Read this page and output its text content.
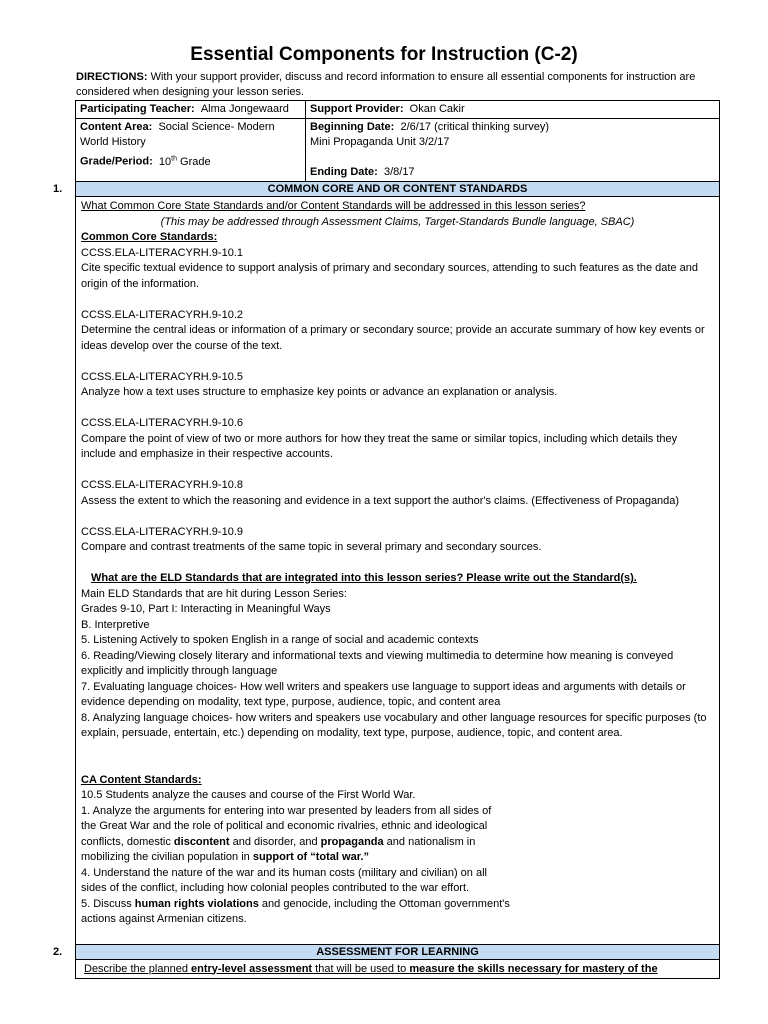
Essential Components for Instruction (C-2)
DIRECTIONS: With your support provider, discuss and record information to ensure all essential components for instruction are considered when designing your lesson series.
Participating Teacher: Alma Jongewaard	Support Provider: Okan Cakir
Content Area: Social Science- Modern
World History
Grade/Period: 10th Grade
Beginning Date: 2/6/17 (critical thinking survey)
Mini Propaganda Unit 3/2/17
Ending Date: 3/8/17
1.	COMMON CORE AND OR CONTENT STANDARDS

What Common Core State Standards and/or Content Standards will be addressed in this lesson series?

(This may be addressed through Assessment Claims, Target-Standards Bundle language, SBAC)

Common Core Standards:

CCSS.ELA-LITERACYRH.9-10.1

Cite specific textual evidence to support analysis of primary and secondary sources, attending to such features as the date and origin of the information.

CCSS.ELA-LITERACYRH.9-10.2

Determine the central ideas or information of a primary or secondary source; provide an accurate summary of how key events or ideas develop over the course of the text.

CCSS.ELA-LITERACYRH.9-10.5

Analyze how a text uses structure to emphasize key points or advance an explanation or analysis.

CCSS.ELA-LITERACYRH.9-10.6

Compare the point of view of two or more authors for how they treat the same or similar topics, including which details they include and emphasize in their respective accounts.

CCSS.ELA-LITERACYRH.9-10.8

Assess the extent to which the reasoning and evidence in a text support the author's claims. (Effectiveness of Propaganda)

CCSS.ELA-LITERACYRH.9-10.9

Compare and contrast treatments of the same topic in several primary and secondary sources.

What are the ELD Standards that are integrated into this lesson series? Please write out the Standard(s).

Main ELD Standards that are hit during Lesson Series:

Grades 9-10, Part I: Interacting in Meaningful Ways

B. Interpretive

5. Listening Actively to spoken English in a range of social and academic contexts

6. Reading/Viewing closely literary and informational texts and viewing multimedia to determine how meaning is conveyed explicitly and implicitly through language

7. Evaluating language choices- How well writers and speakers use language to support ideas and arguments with details or evidence depending on modality, text type, purpose, audience, topic, and content area

8. Analyzing language choices- how writers and speakers use vocabulary and other language resources for specific purposes (to explain, persuade, entertain, etc.) depending on modality, text type, purpose, audience, topic, and content area.

CA Content Standards:

10.5 Students analyze the causes and course of the First World War.

1. Analyze the arguments for entering into war presented by leaders from all sides of

the Great War and the role of political and economic rivalries, ethnic and ideological

conflicts, domestic discontent and disorder, and propaganda and nationalism in

mobilizing the civilian population in support of “total war.”

4. Understand the nature of the war and its human costs (military and civilian) on all

sides of the conflict, including how colonial peoples contributed to the war effort.

5. Discuss human rights violations and genocide, including the Ottoman government's

actions against Armenian citizens.

2.	ASSESSMENT FOR LEARNING

Describe the planned entry-level assessment that will be used to measure the skills necessary for mastery of the
